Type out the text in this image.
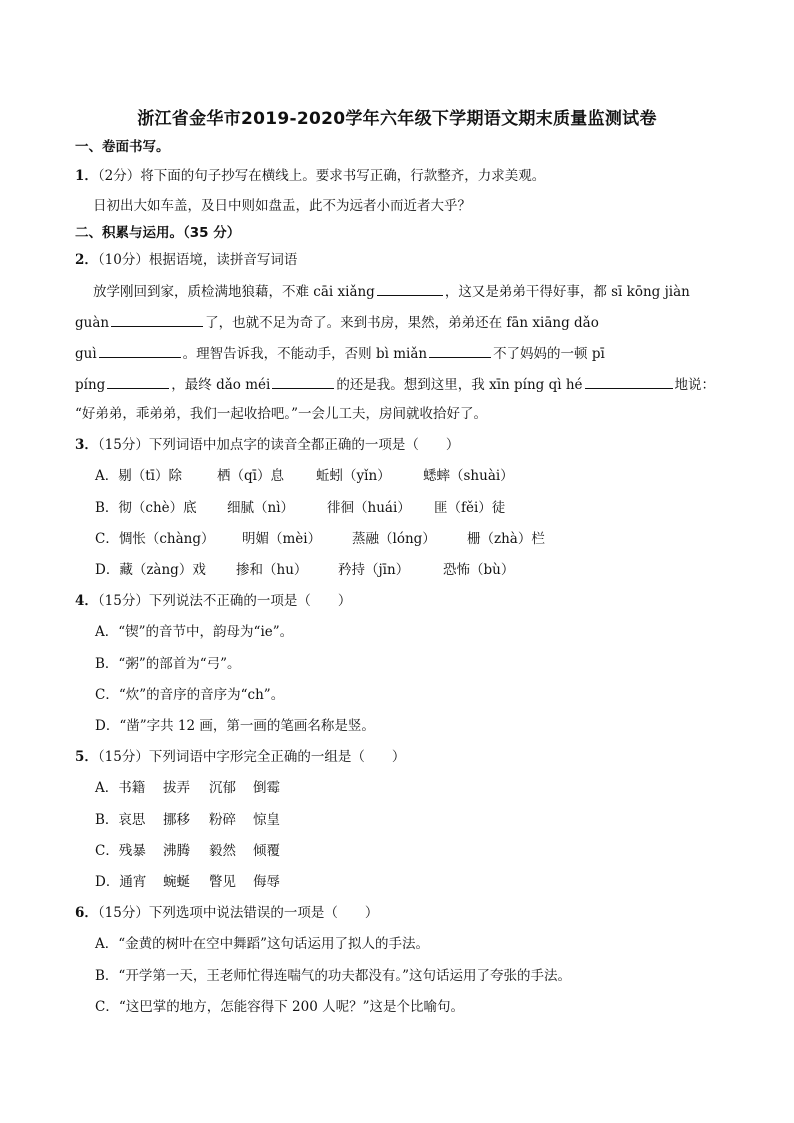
浙江省金华市2019-2020学年六年级下学期语文期末质量监测试卷
一、卷面书写。
1．（2分）将下面的句子抄写在横线上。要求书写正确，行款整齐，力求美观。
日初出大如车盖，及日中则如盘盂，此不为远者小而近者大乎？
二、积累与运用。（35 分）
2．（10分）根据语境，读拼音写词语
放学刚回到家，质检满地狼藉，不难 cāi xiǎng	，这又是弟弟干得好事，都 sī kōng jiàn
guàn	了，也就不足为奇了。来到书房，果然，弟弟还在 fān xiāng dǎo
guì	。理智告诉我，不能动手，否则 bì miǎn	不了妈妈的一顿 pī
píng	，最终 dǎo méi	的还是我。想到这里，我 xīn píng qì hé	地说：
“好弟弟，乖弟弟，我们一起收拾吧。”一会儿工夫，房间就收拾好了。
3．（15分）下列词语中加点字的读音全都正确的一项是（　　）
A．剔（tī）除	栖（qī）息 蚯蚓（yǐn） 蟋蟀（shuài）
B．彻（chè）底 细腻（nì） 徘徊（huái） 匪（fěi）徒
C．惆怅（chàng） 明媚（mèi） 蒸融（lóng） 栅（zhà）栏
D．藏（zàng）戏 掺和（hu） 矜持（jīn）	恐怖（bù）
4．（15分）下列说法不正确的一项是（　　）
A．“锲”的音节中，韵母为“ie”。
B．“粥”的部首为“弓”。
C．“炊”的音序的音序为“ch”。
D．“凿”字共 12 画，第一画的笔画名称是竖。
5．（15分）下列词语中字形完全正确的一组是（　　）
A．书籍 拔弄 沉郁 倒霉
B．哀思 挪移 粉碎 惊皇
C．残暴 沸腾 毅然 倾覆
D．通宵 蜿蜒 瞥见 侮辱
6．（15分）下列选项中说法错误的一项是（　　）
A．“金黄的树叶在空中舞蹈”这句话运用了拟人的手法。
B．“开学第一天，王老师忙得连喘气的功夫都没有。”这句话运用了夸张的手法。
C．“这巴掌的地方，怎能容得下 200 人呢？”这是个比喻句。
